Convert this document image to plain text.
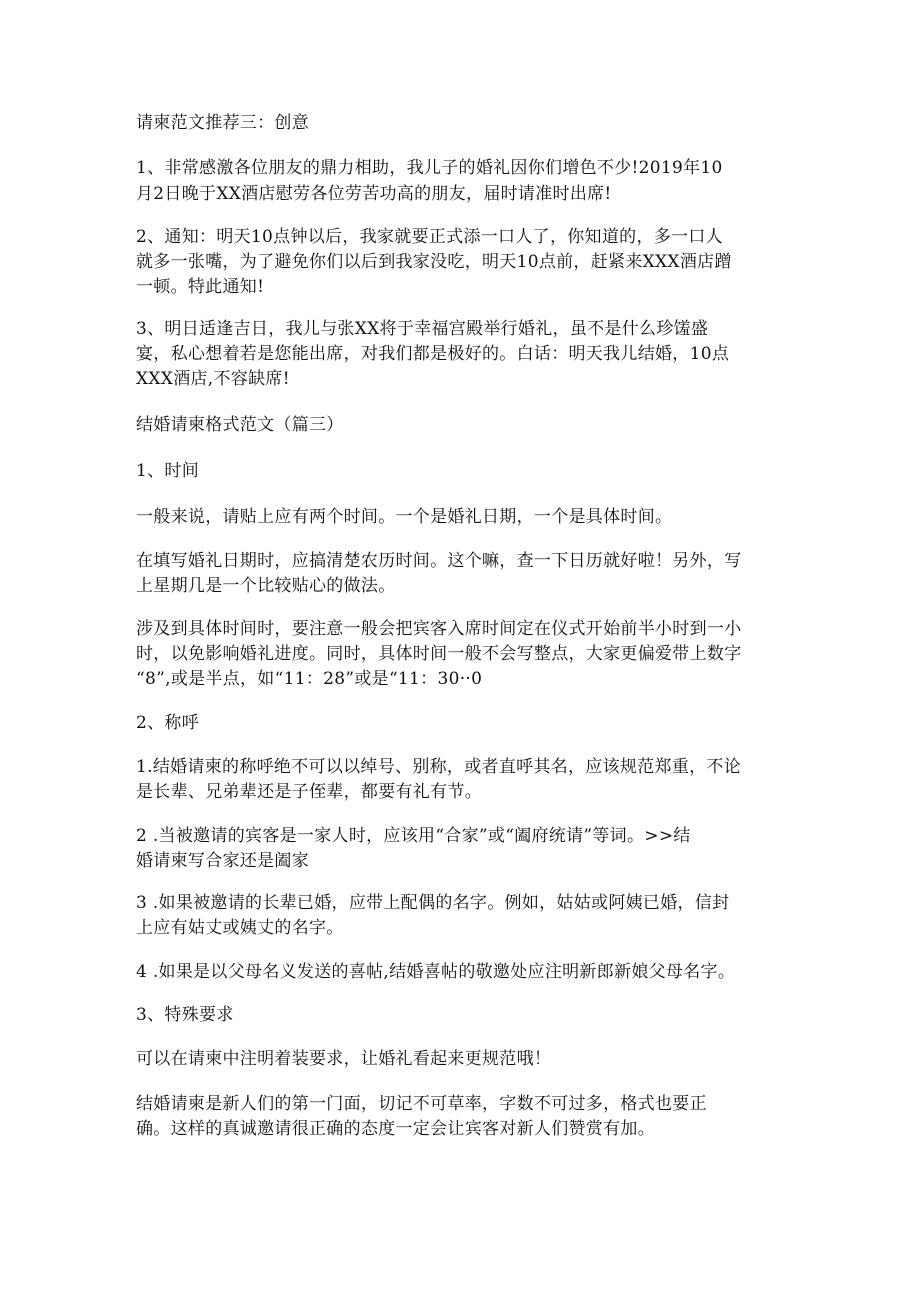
请柬范文推荐三：创意
1、非常感激各位朋友的鼎力相助，我儿子的婚礼因你们增色不少!2019年10
月2日晚于XX酒店慰劳各位劳苦功高的朋友，届时请准时出席!
2、通知：明天10点钟以后，我家就要正式添一口人了，你知道的，多一口人
就多一张嘴，为了避免你们以后到我家没吃，明天10点前，赶紧来XXX酒店蹭
一顿。特此通知!
3、明日适逢吉日，我儿与张XX将于幸福宫殿举行婚礼，虽不是什么珍馐盛
宴，私心想着若是您能出席，对我们都是极好的。白话：明天我儿结婚，10点
XXX酒店,不容缺席!
结婚请柬格式范文（篇三）
1、时间
一般来说，请贴上应有两个时间。一个是婚礼日期，一个是具体时间。
在填写婚礼日期时，应搞清楚农历时间。这个嘛，查一下日历就好啦！另外，写
上星期几是一个比较贴心的做法。
涉及到具体时间时，要注意一般会把宾客入席时间定在仪式开始前半小时到一小
时，以免影响婚礼进度。同时，具体时间一般不会写整点，大家更偏爱带上数字
“8”,或是半点，如“11：28”或是“11：30··0
2、称呼
1.结婚请柬的称呼绝不可以以绰号、别称，或者直呼其名，应该规范郑重，不论
是长辈、兄弟辈还是子侄辈，都要有礼有节。
2 .当被邀请的宾客是一家人时，应该用“合家”或“阖府统请”等词。>>结
婚请柬写合家还是阖家
3 .如果被邀请的长辈已婚，应带上配偶的名字。例如，姑姑或阿姨已婚，信封
上应有姑丈或姨丈的名字。
4 .如果是以父母名义发送的喜帖,结婚喜帖的敬邀处应注明新郎新娘父母名字。
3、特殊要求
可以在请柬中注明着装要求，让婚礼看起来更规范哦！
结婚请柬是新人们的第一门面，切记不可草率，字数不可过多，格式也要正
确。这样的真诚邀请很正确的态度一定会让宾客对新人们赞赏有加。
